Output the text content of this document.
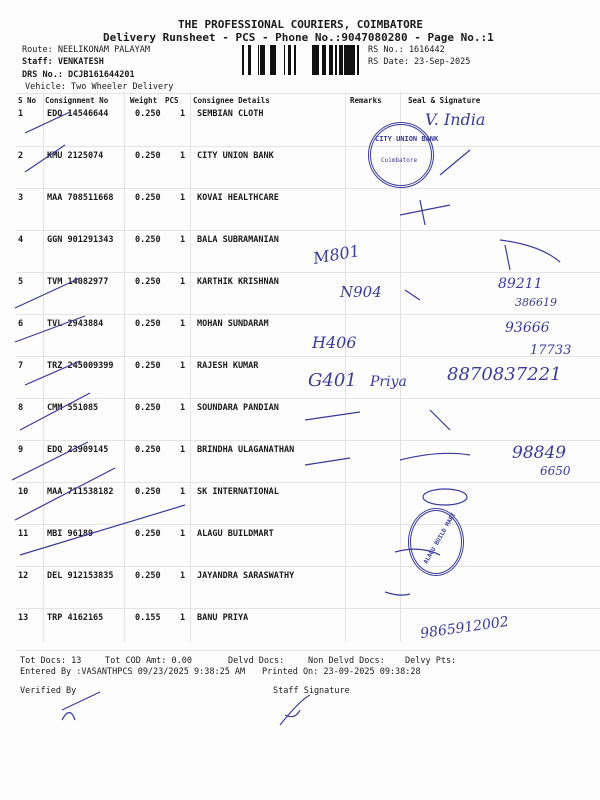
THE PROFESSIONAL COURIERS, COIMBATORE
Delivery Runsheet - PCS - Phone No.:9047080280 - Page No.:1
Route: NEELIKONAM PALAYAM
Staff: VENKATESH
DRS No.: DCJB161644201
Vehicle: Two Wheeler Delivery
RS No.: 1616442
RS Date: 23-Sep-2025
S No Consignment No	Weight PCS Consignee Details	Remarks	Seal & Signature
1	EDQ 14546644	0.250 1 SEMBIAN CLOTH
2	KMU 2125074	0.250 1 CITY UNION BANK
3	MAA 708511668	0.250 1 KOVAI HEALTHCARE
4	GGN 901291343	0.250 1 BALA SUBRAMANIAN
5	TVM 14082977	0.250 1 KARTHIK KRISHNAN
6	TVL 2943884	0.250 1 MOHAN SUNDARAM
7	TRZ 245009399	0.250 1 RAJESH KUMAR
8	CMM 551085	0.250 1 SOUNDARA PANDIAN
9	EDQ 23909145	0.250 1 BRINDHA ULAGANATHAN
10 MAA 711538182	0.250 1 SK INTERNATIONAL
11 MBI 96189	0.250 1 ALAGU BUILDMART
12 DEL 912153835	0.250 1 JAYANDRA SARASWATHY
13 TRP 4162165	0.155 1 BANU PRIYA
CITY UNION BANK
Coimbatore
ALAGU BUILD MART
V. India
M801
N904	89211
386619
H406
93666
17733
G401 Priya 8870837221
98849
6650
9865912002
Tot Docs: 13	Tot COD Amt: 0.00	Delvd Docs:	Non Delvd Docs: Delvy Pts:
Entered By :VASANTHPCS 09/23/2025 9:38:25 AM Printed On: 23-09-2025 09:38:28
Verified By	Staff Signature
